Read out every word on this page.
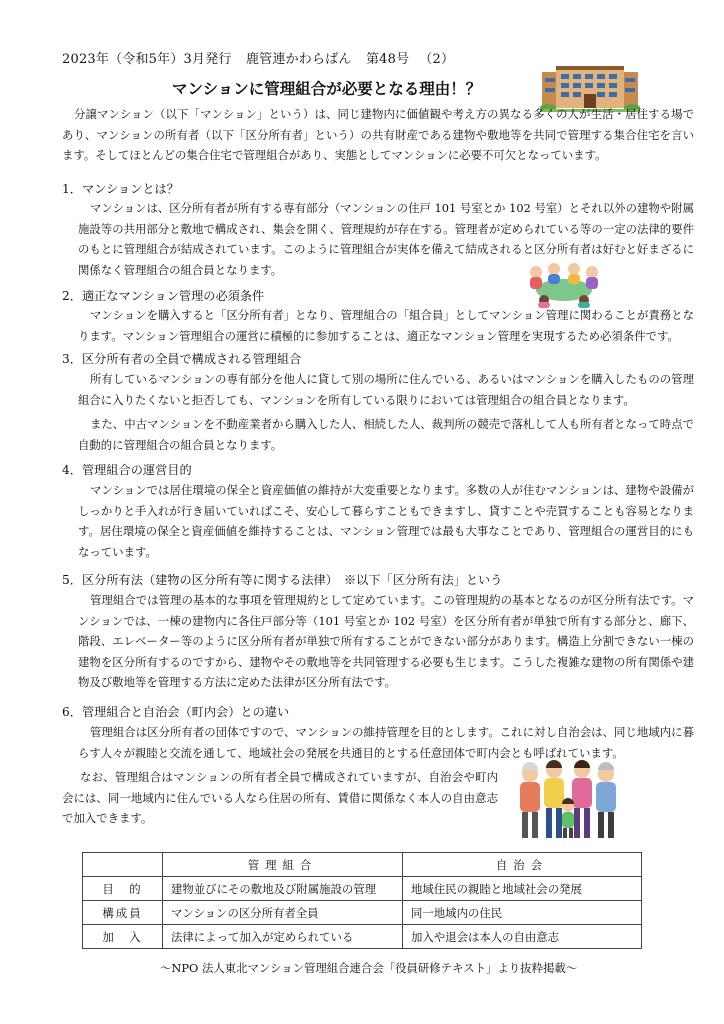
2023年（令和5年）3月発行 鹿管連かわらばん 第48号 （2）
マンションに管理組合が必要となる理由！？
分譲マンション（以下「マンション」という）は、同じ建物内に価値観や考え方の異なる多くの人が生活・居住する場であり、マンションの所有者（以下「区分所有者」という）の共有財産である建物や敷地等を共同で管理する集合住宅を言います。そしてほとんどの集合住宅で管理組合があり、実態としてマンションに必要不可欠となっています。
1．マンションとは？
マンションは、区分所有者が所有する専有部分（マンションの住戸 101 号室とか 102 号室）とそれ以外の建物や附属施設等の共用部分と敷地で構成され、集会を開く、管理規約が存在する。管理者が定められている等の一定の法律的要件のもとに管理組合が結成されています。このように管理組合が実体を備えて結成されると区分所有者は好むと好まざるに関係なく管理組合の組合員となります。
2．適正なマンション管理の必須条件
マンションを購入すると「区分所有者」となり、管理組合の「組合員」としてマンション管理に関わることが責務となります。マンション管理組合の運営に積極的に参加することは、適正なマンション管理を実現するため必須条件です。
3．区分所有者の全員で構成される管理組合
所有しているマンションの専有部分を他人に貸して別の場所に住んでいる、あるいはマンションを購入したものの管理組合に入りたくないと拒否しても、マンションを所有している限りにおいては管理組合の組合員となります。
また、中古マンションを不動産業者から購入した人、相続した人、裁判所の競売で落札して人も所有者となって時点で自動的に管理組合の組合員となります。
4．管理組合の運営目的
マンションでは居住環境の保全と資産価値の維持が大変重要となります。多数の人が住むマンションは、建物や設備がしっかりと手入れが行き届いていればこそ、安心して暮らすこともできますし、貸すことや売買することも容易となります。居住環境の保全と資産価値を維持することは、マンション管理では最も大事なことであり、管理組合の運営目的にもなっています。
5．区分所有法（建物の区分所有等に関する法律）　※以下「区分所有法」という
管理組合では管理の基本的な事項を管理規約として定めています。この管理規約の基本となるのが区分所有法です。マンションでは、一棟の建物内に各住戸部分等（101 号室とか 102 号室）を区分所有者が単独で所有する部分と、廊下、階段、エレベーター等のように区分所有者が単独で所有することができない部分があります。構造上分割できない一棟の建物を区分所有するのですから、建物やその敷地等を共同管理する必要も生じます。こうした複雑な建物の所有関係や建物及び敷地等を管理する方法に定めた法律が区分所有法です。
6．管理組合と自治会（町内会）との違い
管理組合は区分所有者の団体ですので、マンションの維持管理を目的とします。これに対し自治会は、同じ地域内に暮らす人々が親睦と交流を通して、地域社会の発展を共通目的とする任意団体で町内会とも呼ばれています。
なお、管理組合はマンションの所有者全員で構成されていますが、自治会や町内会には、同一地域内に住んでいる人なら住居の所有、賃借に関係なく本人の自由意志で加入できます。
	管理組合	自治会
目　的	建物並びにその敷地及び附属施設の管理	地域住民の親睦と地域社会の発展
構成員	マンションの区分所有者全員	同一地域内の住民
加　入	法律によって加入が定められている	加入や退会は本人の自由意志
～NPO 法人東北マンション管理組合連合会「役員研修テキスト」より抜粋掲載～
